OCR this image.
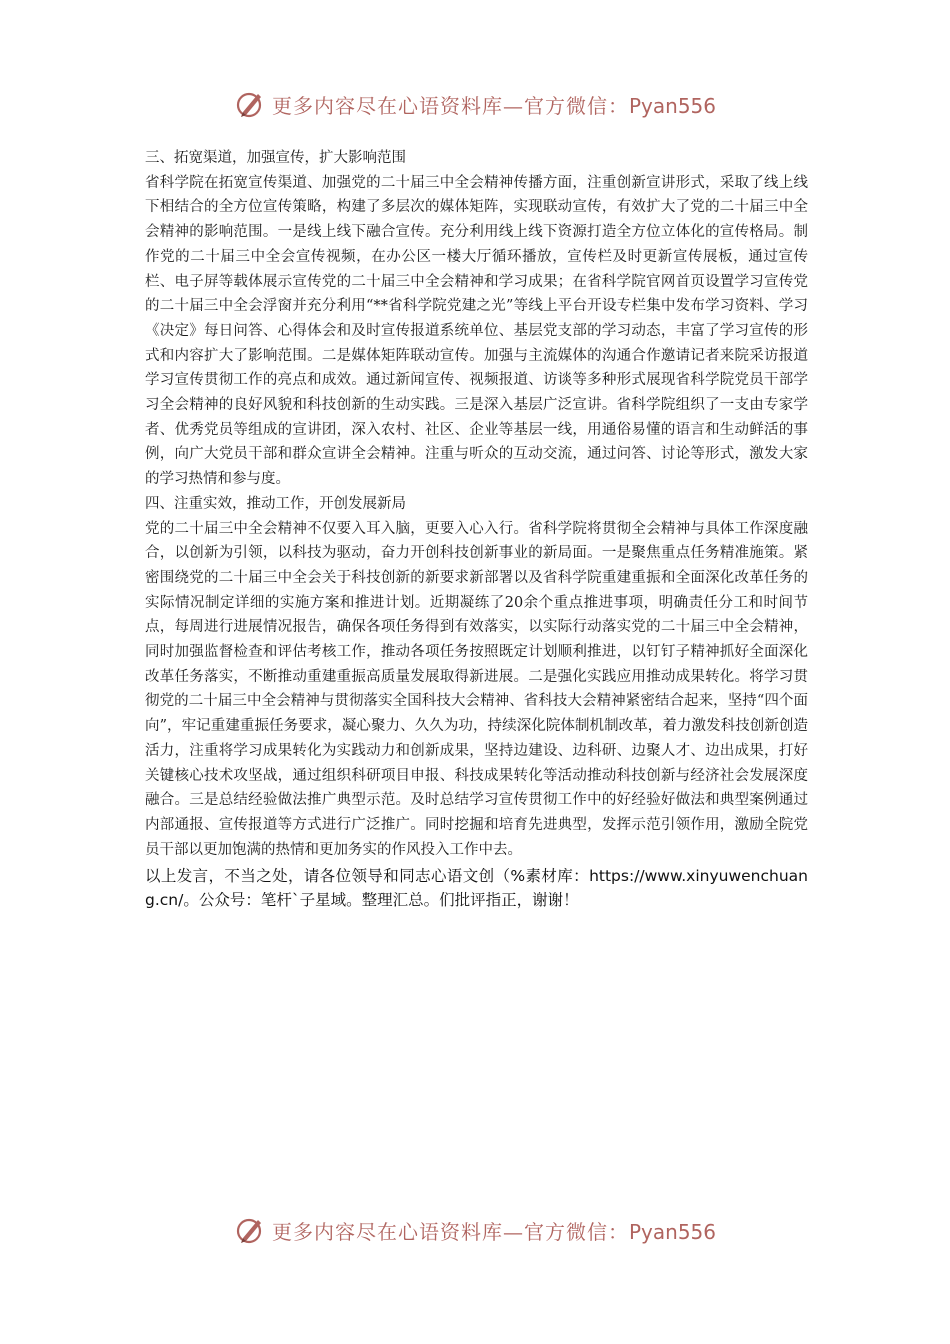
更多内容尽在心语资料库—官方微信：Pyan556

三、拓宽渠道，加强宣传，扩大影响范围

省科学院在拓宽宣传渠道、加强党的二十届三中全会精神传播方面，注重创新宣讲形式，采取了线上线下相结合的全方位宣传策略，构建了多层次的媒体矩阵，实现联动宣传，有效扩大了党的二十届三中全会精神的影响范围。一是线上线下融合宣传。充分利用线上线下资源打造全方位立体化的宣传格局。制作党的二十届三中全会宣传视频，在办公区一楼大厅循环播放，宣传栏及时更新宣传展板，通过宣传栏、电子屏等载体展示宣传党的二十届三中全会精神和学习成果；在省科学院官网首页设置学习宣传党的二十届三中全会浮窗并充分利用“**省科学院党建之光”等线上平台开设专栏集中发布学习资料、学习《决定》每日问答、心得体会和及时宣传报道系统单位、基层党支部的学习动态，丰富了学习宣传的形式和内容扩大了影响范围。二是媒体矩阵联动宣传。加强与主流媒体的沟通合作邀请记者来院采访报道学习宣传贯彻工作的亮点和成效。通过新闻宣传、视频报道、访谈等多种形式展现省科学院党员干部学习全会精神的良好风貌和科技创新的生动实践。三是深入基层广泛宣讲。省科学院组织了一支由专家学者、优秀党员等组成的宣讲团，深入农村、社区、企业等基层一线，用通俗易懂的语言和生动鲜活的事例，向广大党员干部和群众宣讲全会精神。注重与听众的互动交流，通过问答、讨论等形式，激发大家的学习热情和参与度。

四、注重实效，推动工作，开创发展新局

党的二十届三中全会精神不仅要入耳入脑，更要入心入行。省科学院将贯彻全会精神与具体工作深度融合，以创新为引领，以科技为驱动，奋力开创科技创新事业的新局面。一是聚焦重点任务精准施策。紧密围绕党的二十届三中全会关于科技创新的新要求新部署以及省科学院重建重振和全面深化改革任务的实际情况制定详细的实施方案和推进计划。近期凝练了20余个重点推进事项，明确责任分工和时间节点，每周进行进展情况报告，确保各项任务得到有效落实，以实际行动落实党的二十届三中全会精神，同时加强监督检查和评估考核工作，推动各项任务按照既定计划顺利推进，以钉钉子精神抓好全面深化改革任务落实，不断推动重建重振高质量发展取得新进展。二是强化实践应用推动成果转化。将学习贯彻党的二十届三中全会精神与贯彻落实全国科技大会精神、省科技大会精神紧密结合起来，坚持“四个面向”，牢记重建重振任务要求，凝心聚力、久久为功，持续深化院体制机制改革，着力激发科技创新创造活力，注重将学习成果转化为实践动力和创新成果，坚持边建设、边科研、边聚人才、边出成果，打好关键核心技术攻坚战，通过组织科研项目申报、科技成果转化等活动推动科技创新与经济社会发展深度融合。三是总结经验做法推广典型示范。及时总结学习宣传贯彻工作中的好经验好做法和典型案例通过内部通报、宣传报道等方式进行广泛推广。同时挖掘和培育先进典型，发挥示范引领作用，激励全院党员干部以更加饱满的热情和更加务实的作风投入工作中去。

以上发言，不当之处，请各位领导和同志心语文创（%素材库：https://www.xinyuwenchuang.cn/。公众号：笔杆`子星域。整理汇总。们批评指正，谢谢！

更多内容尽在心语资料库—官方微信：Pyan556
